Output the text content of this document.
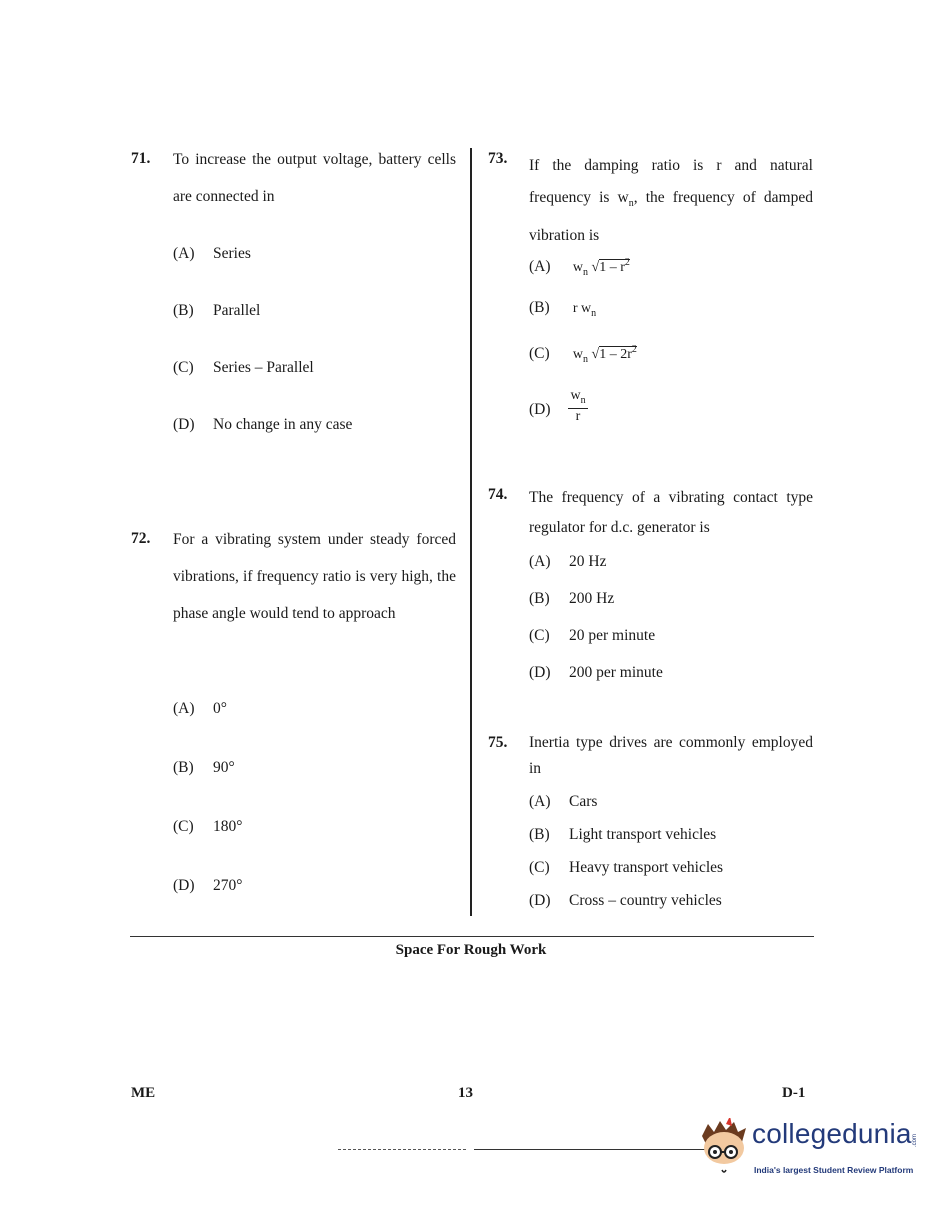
71. To increase the output voltage, battery cells are connected in
(A) Series
(B) Parallel
(C) Series – Parallel
(D) No change in any case
72. For a vibrating system under steady forced vibrations, if frequency ratio is very high, the phase angle would tend to approach
(A) 0°
(B) 90°
(C) 180°
(D) 270°
73. If the damping ratio is r and natural frequency is $w_n$, the frequency of damped vibration is
(A) $w_n$ $√1 - r^2$
(B) r $w_n$
(C) $w_n$ $√1 - 2r^2$
(D)	$\frac{w_n}{r}$
74. The frequency of a vibrating contact type regulator for d.c. generator is
(A) 20 Hz
(B) 200 Hz
(C) 20 per minute
(D) 200 per minute
75. Inertia type drives are commonly employed in
(A) Cars
(B) Light transport vehicles
(C) Heavy transport vehicles
(D) Cross – country vehicles
Space For Rough Work
ME	13	D-1
collegedunia .com
India's largest Student Review Platform
